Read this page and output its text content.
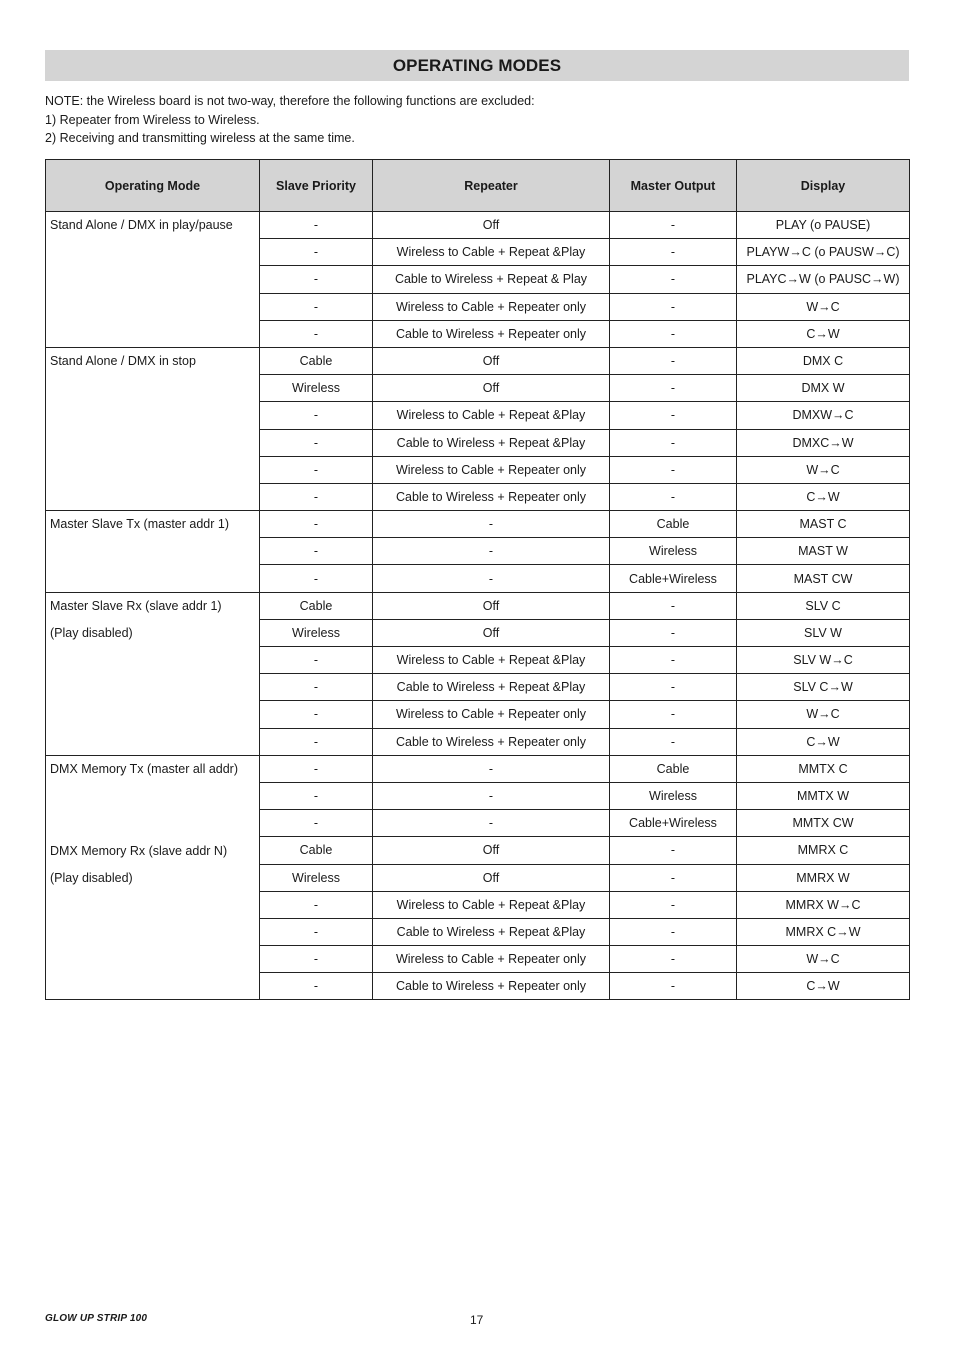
OPERATING MODES
NOTE: the Wireless board is not two-way, therefore the following functions are excluded:
1) Repeater from Wireless to Wireless.
2) Receiving and transmitting wireless at the same time.
Operating Mode	Slave Priority	Repeater	Master Output	Display

Stand Alone / DMX in play/pause	-	Off	-	PLAY (o PAUSE)
	-	Wireless to Cable + Repeat &Play	-	PLAYW→C (o PAUSW→C)
	-	Cable to Wireless + Repeat & Play	-	PLAYC→W (o PAUSC→W)
	-	Wireless to Cable + Repeater only	-	W→C
	-	Cable to Wireless + Repeater only	-	C→W

Stand Alone / DMX in stop	Cable	Off	-	DMX C
	Wireless	Off	-	DMX W
	-	Wireless to Cable + Repeat &Play	-	DMXW→C
	-	Cable to Wireless + Repeat &Play	-	DMXC→W
	-	Wireless to Cable + Repeater only	-	W→C
	-	Cable to Wireless + Repeater only	-	C→W

Master Slave Tx (master addr 1)	-	-	Cable	MAST C
	-	-	Wireless	MAST W
	-	-	Cable+Wireless	MAST CW

Master Slave Rx (slave addr 1)
(Play disabled)	Cable	Off	-	SLV C
	Wireless	Off	-	SLV W
	-	Wireless to Cable + Repeat &Play	-	SLV W→C
	-	Cable to Wireless + Repeat &Play	-	SLV C→W
	-	Wireless to Cable + Repeater only	-	W→C
	-	Cable to Wireless + Repeater only	-	C→W

DMX Memory Tx (master all addr)
DMX Memory Rx (slave addr N)
(Play disabled)	-	-	Cable	MMTX C
	-	-	Wireless	MMTX W
	-	-	Cable+Wireless	MMTX CW
	Cable	Off	-	MMRX C
	Wireless	Off	-	MMRX W
	-	Wireless to Cable + Repeat &Play	-	MMRX W→C
	-	Cable to Wireless + Repeat &Play	-	MMRX C→W
	-	Wireless to Cable + Repeater only	-	W→C
	-	Cable to Wireless + Repeater only	-	C→W
GLOW UP STRIP 100	17
